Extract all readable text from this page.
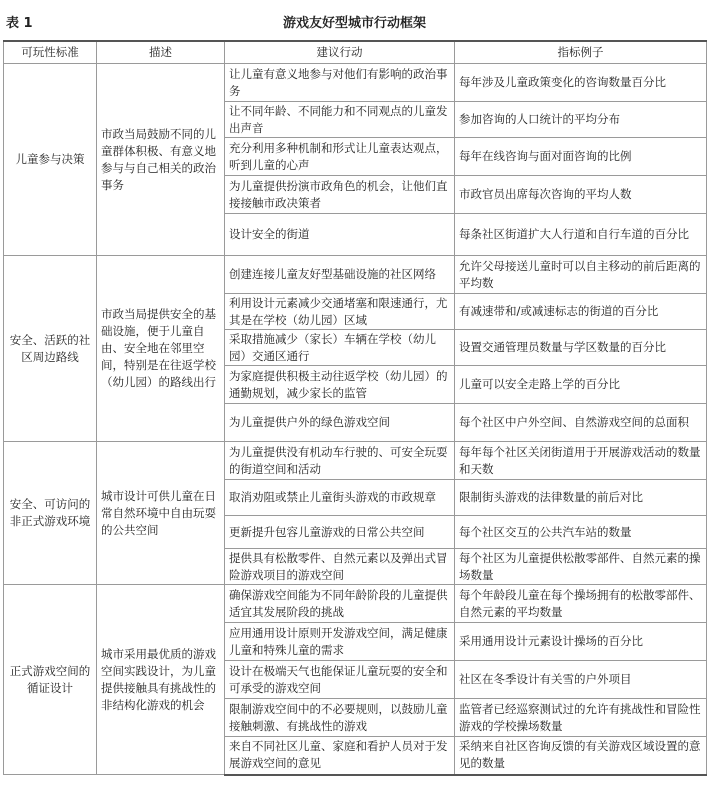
表 1	游戏友好型城市行动框架
可玩性标准	描述	建议行动	指标例子
儿童参与决策	市政当局鼓励不同的儿童群体积极、有意义地参与与自己相关的政治事务	让儿童有意义地参与对他们有影响的政治事务	每年涉及儿童政策变化的咨询数量百分比
		让不同年龄、不同能力和不同观点的儿童发出声音	参加咨询的人口统计的平均分布
		充分利用多种机制和形式让儿童表达观点，听到儿童的心声	每年在线咨询与面对面咨询的比例
		为儿童提供扮演市政角色的机会，让他们直接接触市政决策者	市政官员出席每次咨询的平均人数
		设计安全的街道	每条社区街道扩大人行道和自行车道的百分比
安全、活跃的社区周边路线	市政当局提供安全的基础设施，便于儿童自由、安全地在邻里空间，特别是在往返学校（幼儿园）的路线出行	创建连接儿童友好型基础设施的社区网络	允许父母接送儿童时可以自主移动的前后距离的平均数
		利用设计元素减少交通堵塞和限速通行，尤其是在学校（幼儿园）区域	有减速带和/或减速标志的街道的百分比
		采取措施减少（家长）车辆在学校（幼儿园）交通区通行	设置交通管理员数量与学区数量的百分比
		为家庭提供积极主动往返学校（幼儿园）的通勤规划，减少家长的监管	儿童可以安全走路上学的百分比
		为儿童提供户外的绿色游戏空间	每个社区中户外空间、自然游戏空间的总面积
安全、可访问的非正式游戏环境	城市设计可供儿童在日常自然环境中自由玩耍的公共空间	为儿童提供没有机动车行驶的、可安全玩耍的街道空间和活动	每年每个社区关闭街道用于开展游戏活动的数量和天数
		取消劝阻或禁止儿童街头游戏的市政规章	限制街头游戏的法律数量的前后对比
		更新提升包容儿童游戏的日常公共空间	每个社区交互的公共汽车站的数量
		提供具有松散零件、自然元素以及弹出式冒险游戏项目的游戏空间	每个社区为儿童提供松散零部件、自然元素的操场数量
正式游戏空间的循证设计	城市采用最优质的游戏空间实践设计，为儿童提供接触具有挑战性的非结构化游戏的机会	确保游戏空间能为不同年龄阶段的儿童提供适宜其发展阶段的挑战	每个年龄段儿童在每个操场拥有的松散零部件、自然元素的平均数量
		应用通用设计原则开发游戏空间，满足健康儿童和特殊儿童的需求	采用通用设计元素设计操场的百分比
		设计在极端天气也能保证儿童玩耍的安全和可承受的游戏空间	社区在冬季设计有关雪的户外项目
		限制游戏空间中的不必要规则，以鼓励儿童接触刺激、有挑战性的游戏	监管者已经巡察测试过的允许有挑战性和冒险性游戏的学校操场数量
		来自不同社区儿童、家庭和看护人员对于发展游戏空间的意见	采纳来自社区咨询反馈的有关游戏区域设置的意见的数量
